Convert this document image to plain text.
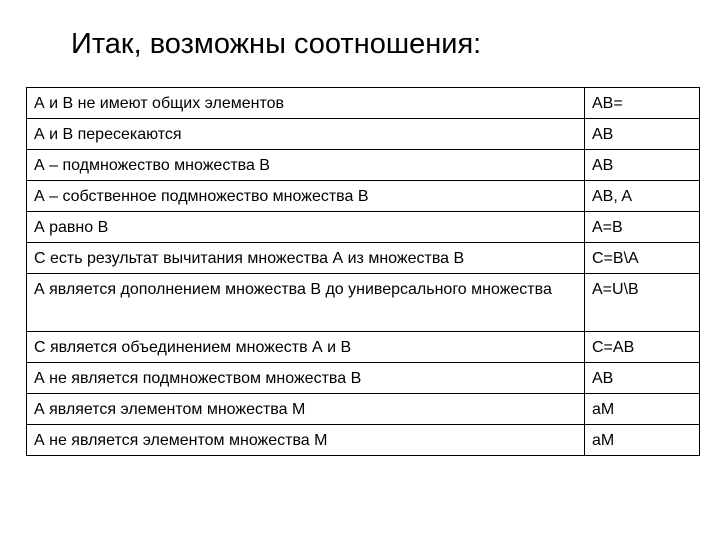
Итак, возможны соотношения:
А и В не имеют общих элементов	AB=
А и В пересекаются	AB
А – подмножество множества В	AB
А – собственное подмножество множества В	AB, A
А равно В	A=B
С есть результат вычитания множества А из множества В	C=B\A
А является дополнением множества В до универсального множества	A=U\B
С является объединением множеств А и В	C=AB
А не является подмножеством множества В	AB
А является элементом множества М	aM
А не является элементом множества М	aM
